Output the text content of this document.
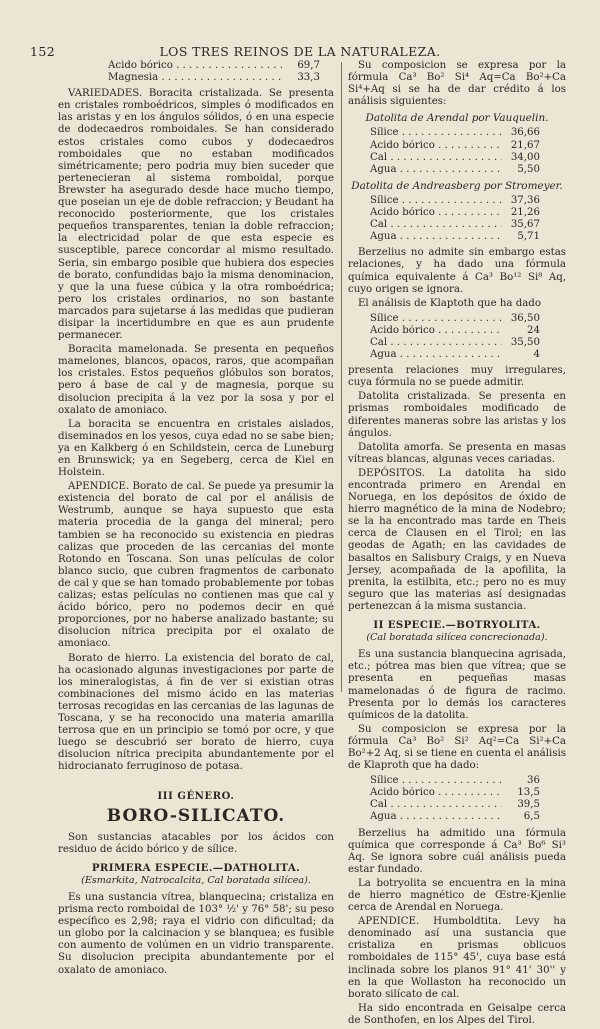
152	LOS TRES REINOS DE LA NATURALEZA.
Acido bórico . . .	69,7
Magnesia . . .	33,3

VARIEDADES. Boracita cristalizada. Se presenta en cristales romboédricos, simples ó modificados en las aristas y en los ángulos sólidos, ó en una especie de dodecaedros romboidales. Se han considerado estos cristales como cubos y dodecaedros romboidales que no estaban modificados simétricamente; pero podria muy bien suceder que pertenecieran al sistema romboidal, porque Brewster ha asegurado desde hace mucho tiempo, que poseian un eje de doble refraccion; y Beudant ha reconocido posteriormente, que los cristales pequeños transparentes, tenian la doble refraccion; la electricidad polar de que esta especie es susceptible, parece concordar al mismo resultado. Seria, sin embargo posible que hubiera dos especies de borato, confundidas bajo la misma denominacion, y que la una fuese cúbica y la otra romboédrica; pero los cristales ordinarios, no son bastante marcados para sujetarse á las medidas que pudieran disipar la incertidumbre en que es aun prudente permanecer.

Boracita mamelonada. Se presenta en pequeños mamelones, blancos, opacos, raros, que acompañan los cristales. Estos pequeños glóbulos son boratos, pero á base de cal y de magnesia, porque su disolucion precipita á la vez por la sosa y por el oxalato de amoniaco.

La boracita se encuentra en cristales aislados, diseminados en los yesos, cuya edad no se sabe bien; ya en Kalkberg ó en Schildstein, cerca de Luneburg en Brunswick; ya en Segeberg, cerca de Kiel en Holstein.

APENDICE. Borato de cal. Se puede ya presumir la existencia del borato de cal por el análisis de Westrumb, aunque se haya supuesto que esta materia procedia de la ganga del mineral; pero tambien se ha reconocido su existencia en piedras calizas que proceden de las cercanias del monte Rotondo en Toscana. Son unas películas de color blanco sucio, que cubren fragmentos de carbonato de cal y que se han tomado probablemente por tobas calizas; estas películas no contienen mas que cal y ácido bórico, pero no podemos decir en qué proporciones, por no haberse analizado bastante; su disolucion nítrica precipita por el oxalato de amoniaco.

Borato de hierro. La existencia del borato de cal, ha ocasionado algunas investigaciones por parte de los mineralogistas, á fin de ver si existian otras combinaciones del mismo ácido en las materias terrosas recogidas en las cercanias de las lagunas de Toscana, y se ha reconocido una materia amarilla terrosa que en un principio se tomó por ocre, y que luego se descubrió ser borato de hierro, cuya disolucion nítrica precipita abundantemente por el hidrocianato ferruginoso de potasa.

III GÉNERO.
BORO-SILICATO.

Son sustancias atacables por los ácidos con residuo de ácido bórico y de sílice.

PRIMERA ESPECIE.—DATHOLITA.
(Esmarkita, Natrocalcita, Cal boratada silícea).

Es una sustancia vítrea, blanquecina; cristaliza en prisma recto romboidal de 103° ½' y 76° 58'; su peso específico es 2,98; raya el vidrio con dificultad; da un globo por la calcinacion y se blanquea; es fusible con aumento de volúmen en un vidrio transparente. Su disolucion precipita abundantemente por el oxalato de amoniaco.

Su composicion se expresa por la fórmula Ca³ Bo² Si⁴ Aq=Ca Bo²+Ca Si⁴+Aq si se ha de dar crédito á los análisis siguientes:

Datolita de Arendal por Vauquelin.
Sílice . . .	36,66
Acido bórico . . .	21,67
Cal . . .	34,00
Agua . . .	5,50
Datolita de Andreasberg por Stromeyer.
Sílice . . .	37,36
Acido bórico . . .	21,26
Cal . . .	35,67
Agua . . .	5,71

Berzelius no admite sin embargo estas relaciones, y ha dado una fórmula química equivalente á Ca³ Bo¹² Si⁸ Aq, cuyo origen se ignora.

El análisis de Klaptoth que ha dado

Sílice . . .	36,50
Acido bórico . . .	24
Cal . . .	35,50
Agua . . .	4

presenta relaciones muy irregulares, cuya fórmula no se puede admitir.

Datolita cristalizada. Se presenta en prismas romboidales modificado de diferentes maneras sobre las aristas y los ángulos.

Datolita amorfa. Se presenta en masas vítreas blancas, algunas veces cariadas.

DEPÓSITOS. La datolita ha sido encontrada primero en Arendal en Noruega, en los depósitos de óxido de hierro magnético de la mina de Nodebro; se la ha encontrado mas tarde en Theis cerca de Clausen en el Tirol; en las geodas de Agath; en las cavidades de basaltos en Salisbury Craigs, y en Nueva Jersey, acompañada de la apofilita, la prenita, la estilbita, etc.; pero no es muy seguro que las materias así designadas pertenezcan á la misma sustancia.

II ESPECIE.—BOTRYOLITA.
(Cal boratada silícea concrecionada).

Es una sustancia blanquecina agrisada, etc.; pótrea mas bien que vítrea; que se presenta en pequeñas masas mamelonadas ó de figura de racimo. Presenta por lo demás los caracteres químicos de la datolita.

Su composicion se expresa por la fórmula Ca³ Bo² Si² Aq²=Ca Si²+Ca Bo²+2 Aq, si se tiene en cuenta el análisis de Klaproth que ha dado:

Sílice . . .	36
Acido bórico . . .	13,5
Cal . . .	39,5
Agua . . .	6,5

Berzelius ha admitido una fórmula química que corresponde á Ca³ Bo⁶ Si³ Aq. Se ignora sobre cuál análisis pueda estar fundado.

La botryolita se encuentra en la mina de hierro magnético de Œstre-Kjenlie cerca de Arendal en Noruega.

APENDICE. Humboldtita. Levy ha denominado así una sustancia que cristaliza en prismas oblicuos romboidales de 115° 45', cuya base está inclinada sobre los planos 91° 41' 30'' y en la que Wollaston ha reconocido un borato silícato de cal.

Ha sido encontrada en Geisalpe cerca de Sonthofen, en los Alpes del Tirol.
